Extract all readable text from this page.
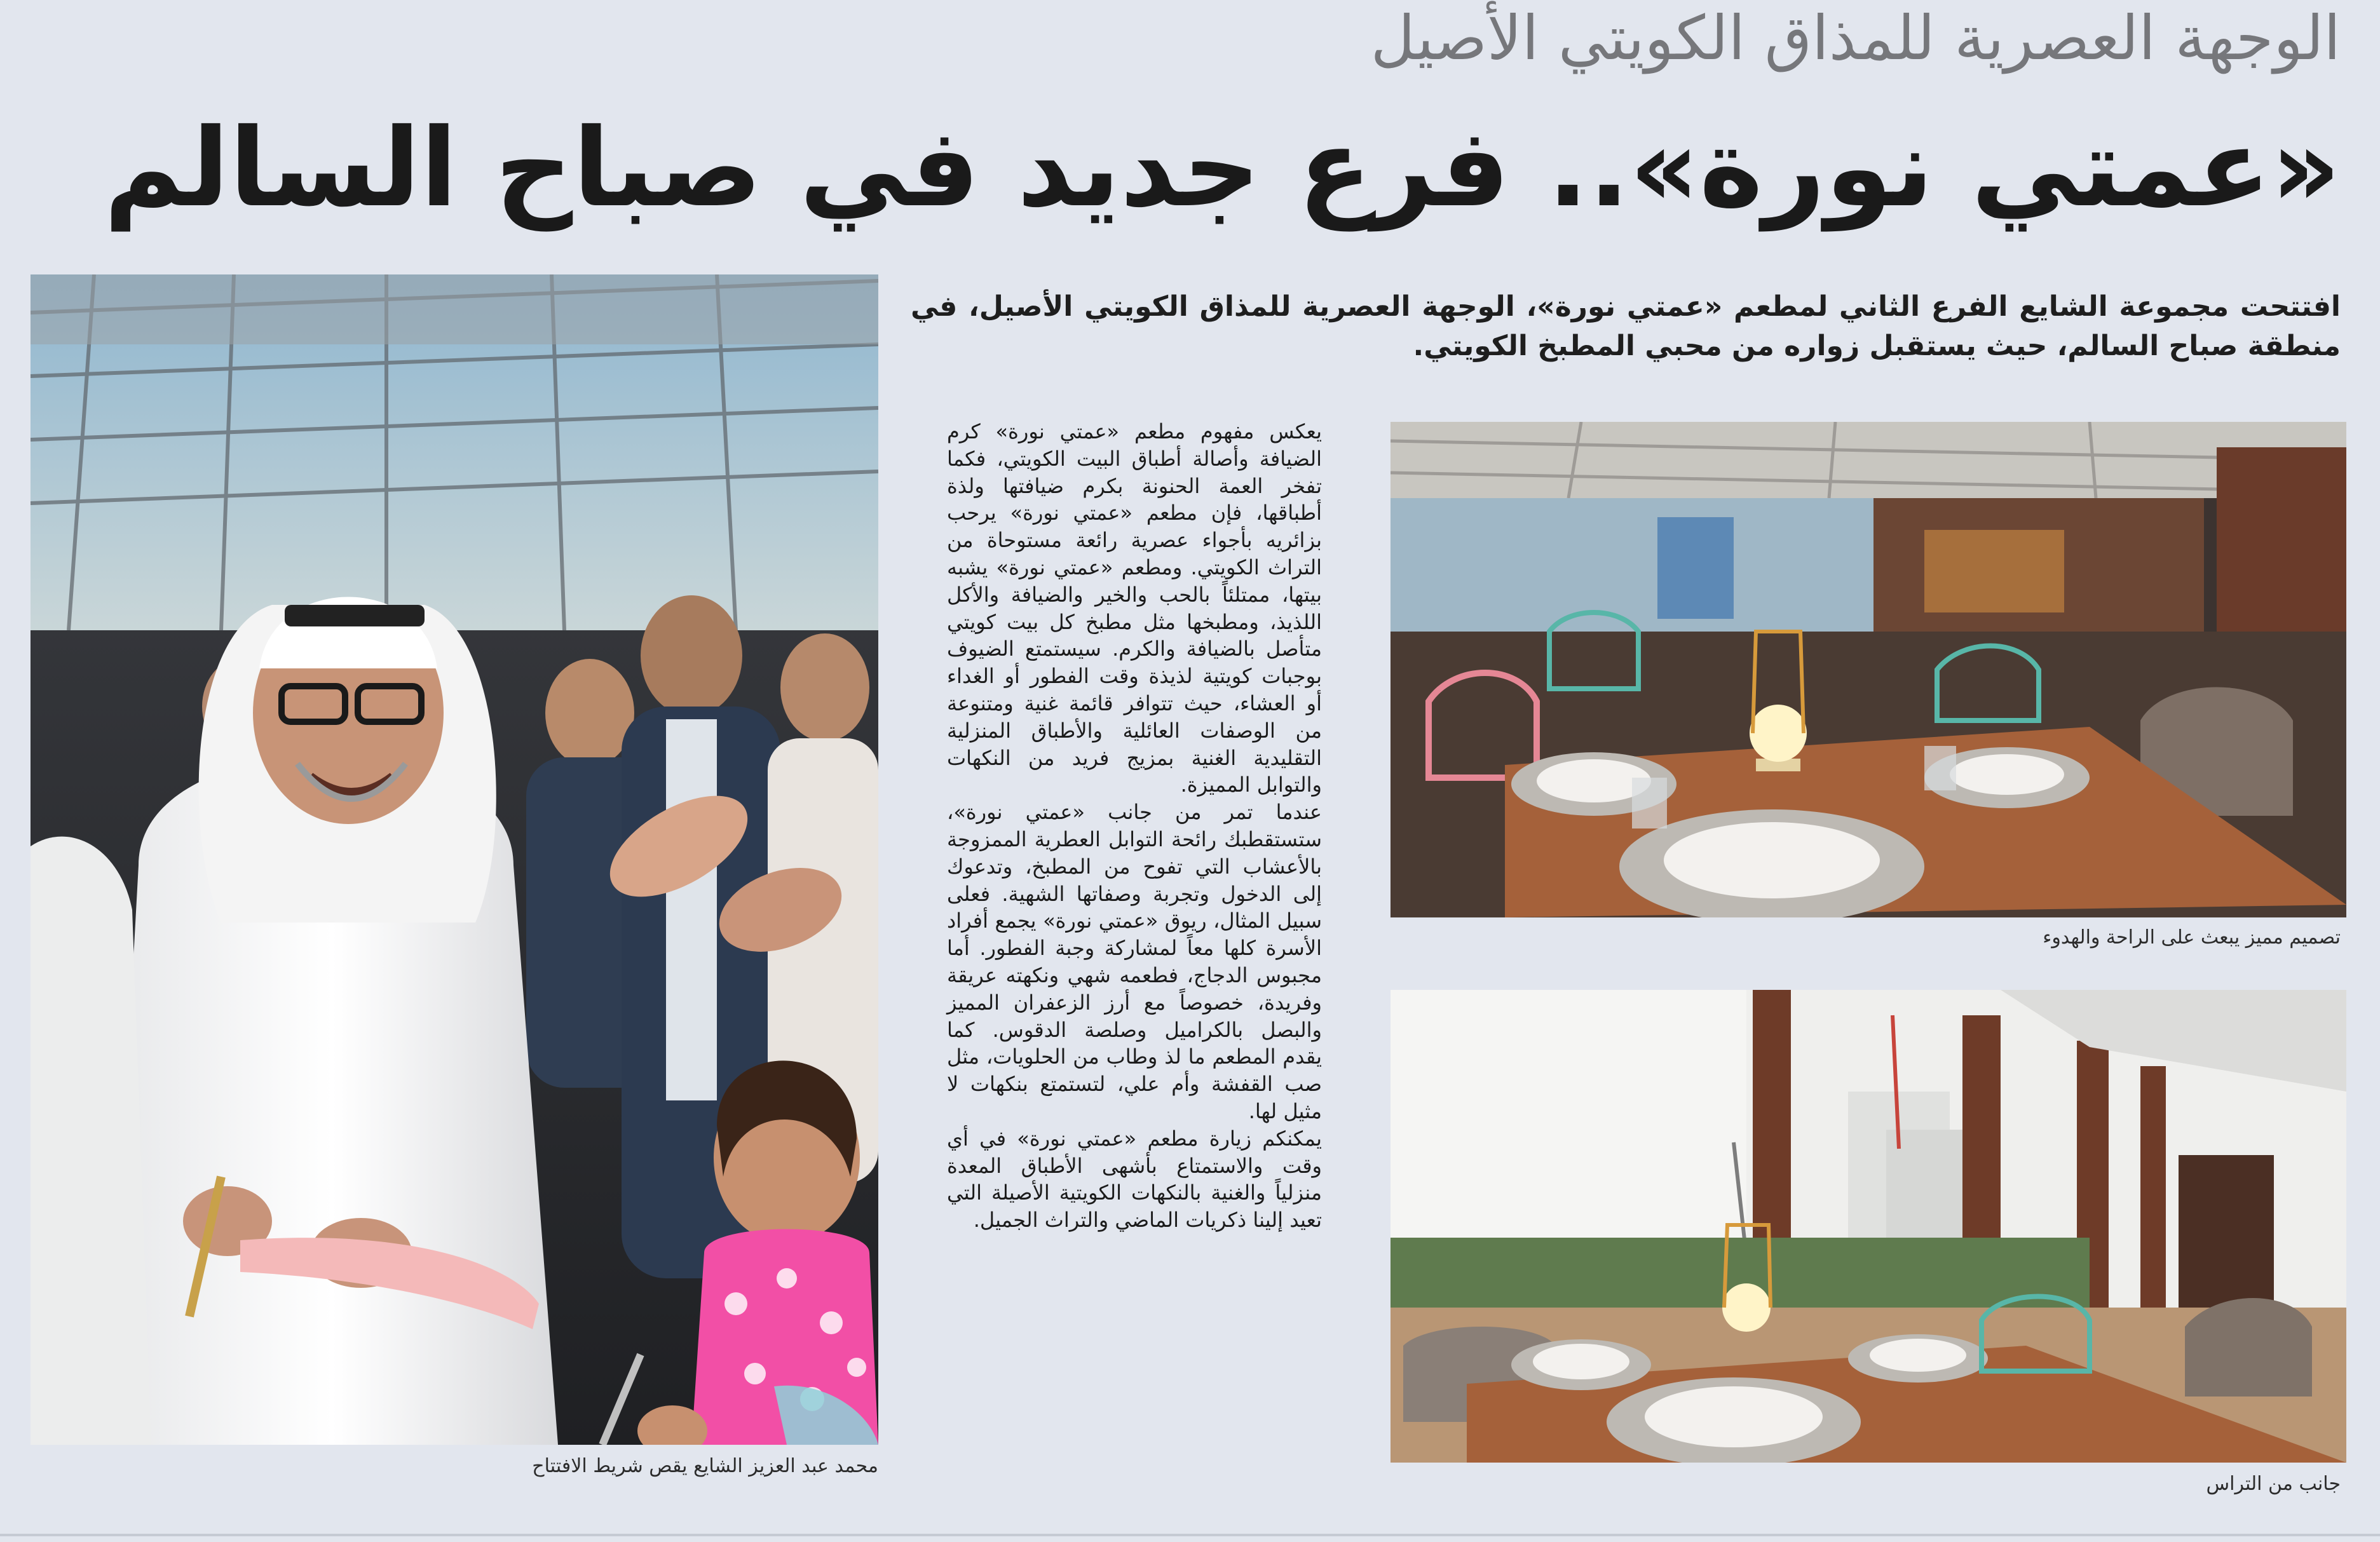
الوجهة العصرية للمذاق الكويتي الأصيل
«عمتي نورة».. فرع جديد في صباح السالم
افتتحت مجموعة الشايع الفرع الثاني لمطعم «عمتي نورة»، الوجهة العصرية للمذاق الكويتي الأصيل، في منطقة صباح السالم، حيث يستقبل زواره من محبي المطبخ الكويتي.
محمد عبد العزيز الشايع يقص شريط الافتتاح

يعكس مفهوم مطعم «عمتي نورة» كرم الضيافة وأصالة أطباق البيت الكويتي، فكما تفخر العمة الحنونة بكرم ضيافتها ولذة أطباقها، فإن مطعم «عمتي نورة» يرحب بزائريه بأجواء عصرية رائعة مستوحاة من التراث الكويتي. ومطعم «عمتي نورة» يشبه بيتها، ممتلئاً بالحب والخير والضيافة والأكل اللذيذ، ومطبخها مثل مطبخ كل بيت كويتي متأصل بالضيافة والكرم. سيستمتع الضيوف بوجبات كويتية لذيذة وقت الفطور أو الغداء أو العشاء، حيث تتوافر قائمة غنية ومتنوعة من الوصفات العائلية والأطباق المنزلية التقليدية الغنية بمزيج فريد من النكهات والتوابل المميزة.

عندما تمر من جانب «عمتي نورة»، ستستقطبك رائحة التوابل العطرية الممزوجة بالأعشاب التي تفوح من المطبخ، وتدعوك إلى الدخول وتجربة وصفاتها الشهية. فعلى سبيل المثال، ريوق «عمتي نورة» يجمع أفراد الأسرة كلها معاً لمشاركة وجبة الفطور. أما مجبوس الدجاج، فطعمه شهي ونكهته عريقة وفريدة، خصوصاً مع أرز الزعفران المميز والبصل بالكراميل وصلصة الدقوس. كما يقدم المطعم ما لذ وطاب من الحلويات، مثل صب القفشة وأم علي، لتستمتع بنكهات لا مثيل لها.

يمكنكم زيارة مطعم «عمتي نورة» في أي وقت والاستمتاع بأشهى الأطباق المعدة منزلياً والغنية بالنكهات الكويتية الأصيلة التي تعيد إلينا ذكريات الماضي والتراث الجميل.

تصميم مميز يبعث على الراحة والهدوء
جانب من التراس
